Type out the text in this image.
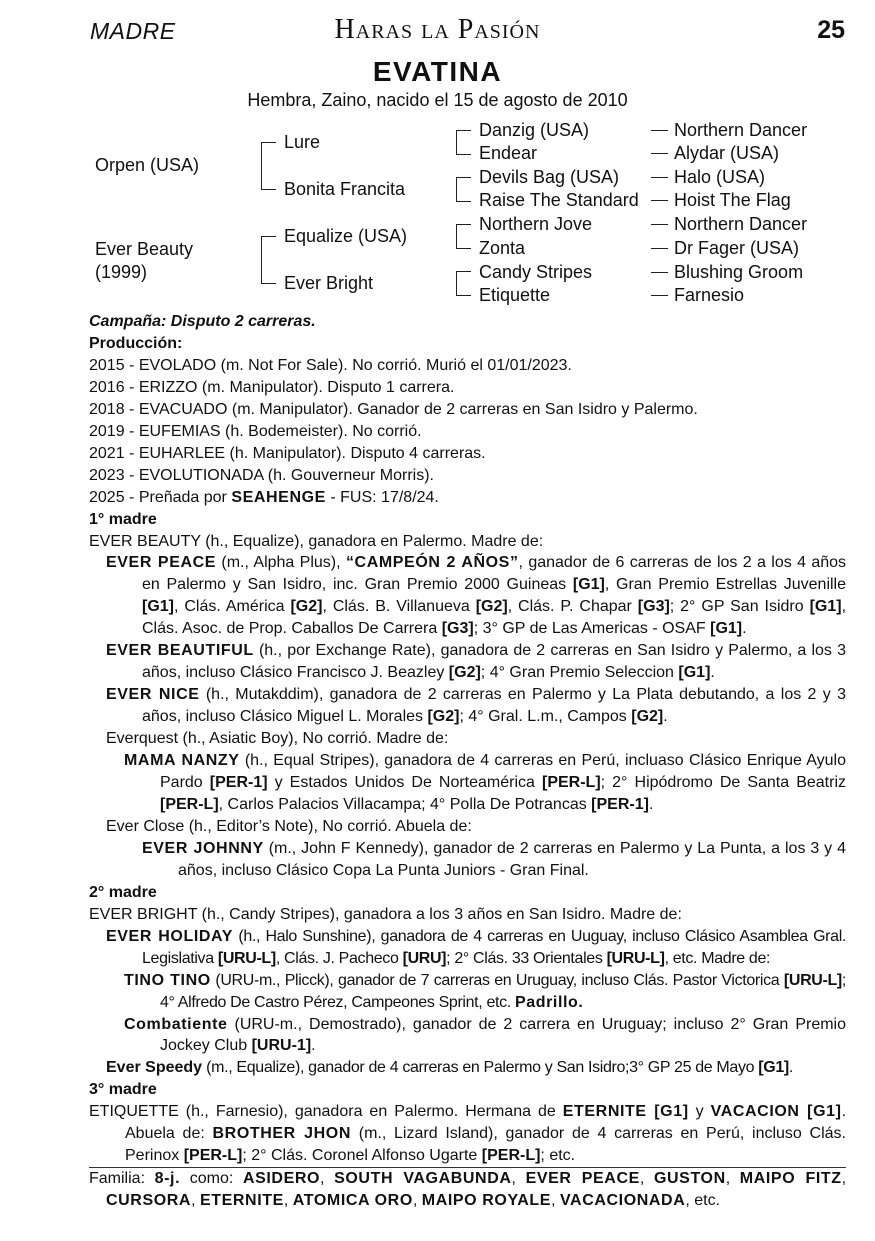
MADRE	Haras la Pasión	25
EVATINA
Hembra, Zaino, nacido el 15 de agosto de 2010
Orpen (USA)
Ever Beauty
(1999)
Lure
Bonita Francita
Equalize (USA)
Ever Bright
Danzig (USA)
Endear
Devils Bag (USA)
Raise The Standard
Northern Jove
Zonta
Candy Stripes
Etiquette
Northern Dancer
Alydar (USA)
Halo (USA)
Hoist The Flag
Northern Dancer
Dr Fager (USA)
Blushing Groom
Farnesio
Campaña: Disputo 2 carreras.
Producción:
2015 - EVOLADO (m. Not For Sale). No corrió. Murió el 01/01/2023.
2016 - ERIZZO (m. Manipulator). Disputo 1 carrera.
2018 - EVACUADO (m. Manipulator). Ganador de 2 carreras en San Isidro y Palermo.
2019 - EUFEMIAS (h. Bodemeister). No corrió.
2021 - EUHARLEE (h. Manipulator). Disputo 4 carreras.
2023 - EVOLUTIONADA (h. Gouverneur Morris).
2025 - Preñada por SEAHENGE - FUS: 17/8/24.
1° madre
EVER BEAUTY (h., Equalize), ganadora en Palermo. Madre de:
EVER PEACE (m., Alpha Plus), “CAMPEÓN 2 AÑOS”, ganador de 6 carreras de los 2 a los 4 años en Palermo y San Isidro, inc. Gran Premio 2000 Guineas [G1], Gran Premio Estrellas Juvenille [G1], Clás. América [G2], Clás. B. Villanueva [G2], Clás. P. Chapar [G3]; 2° GP San Isidro [G1], Clás. Asoc. de Prop. Caballos De Carrera [G3]; 3° GP de Las Americas - OSAF [G1].
EVER BEAUTIFUL (h., por Exchange Rate), ganadora de 2 carreras en San Isidro y Palermo, a los 3 años, incluso Clásico Francisco J. Beazley [G2]; 4° Gran Premio Seleccion [G1].
EVER NICE (h., Mutakddim), ganadora de 2 carreras en Palermo y La Plata debutando, a los 2 y 3 años, incluso Clásico Miguel L. Morales [G2]; 4° Gral. L.m., Campos [G2].
Everquest (h., Asiatic Boy), No corrió. Madre de:
MAMA NANZY (h., Equal Stripes), ganadora de 4 carreras en Perú, incluaso Clásico Enrique Ayulo Pardo [PER-1] y Estados Unidos De Norteamérica [PER-L]; 2° Hipódromo De Santa Beatriz [PER-L], Carlos Palacios Villacampa; 4° Polla De Potrancas [PER-1].
Ever Close (h., Editor’s Note), No corrió. Abuela de:
EVER JOHNNY (m., John F Kennedy), ganador de 2 carreras en Palermo y La Punta, a los 3 y 4 años, incluso Clásico Copa La Punta Juniors - Gran Final.
2° madre
EVER BRIGHT (h., Candy Stripes), ganadora a los 3 años en San Isidro. Madre de:
EVER HOLIDAY (h., Halo Sunshine), ganadora de 4 carreras en Uuguay, incluso Clásico Asamblea Gral. Legislativa [URU-L], Clás. J. Pacheco [URU]; 2° Clás. 33 Orientales [URU-L], etc. Madre de:
TINO TINO (URU-m., Plicck), ganador de 7 carreras en Uruguay, incluso Clás. Pastor Victorica [URU-L]; 4° Alfredo De Castro Pérez, Campeones Sprint, etc. Padrillo.
Combatiente (URU-m., Demostrado), ganador de 2 carrera en Uruguay; incluso 2° Gran Premio Jockey Club [URU-1].
Ever Speedy (m., Equalize), ganador de 4 carreras en Palermo y San Isidro;3° GP 25 de Mayo [G1].
3° madre
ETIQUETTE (h., Farnesio), ganadora en Palermo. Hermana de ETERNITE [G1] y VACACION [G1]. Abuela de: BROTHER JHON (m., Lizard Island), ganador de 4 carreras en Perú, incluso Clás. Perinox [PER-L]; 2° Clás. Coronel Alfonso Ugarte [PER-L]; etc.
Familia: 8-j. como: ASIDERO, SOUTH VAGABUNDA, EVER PEACE, GUSTON, MAIPO FITZ, CURSORA, ETERNITE, ATOMICA ORO, MAIPO ROYALE, VACACIONADA, etc.
